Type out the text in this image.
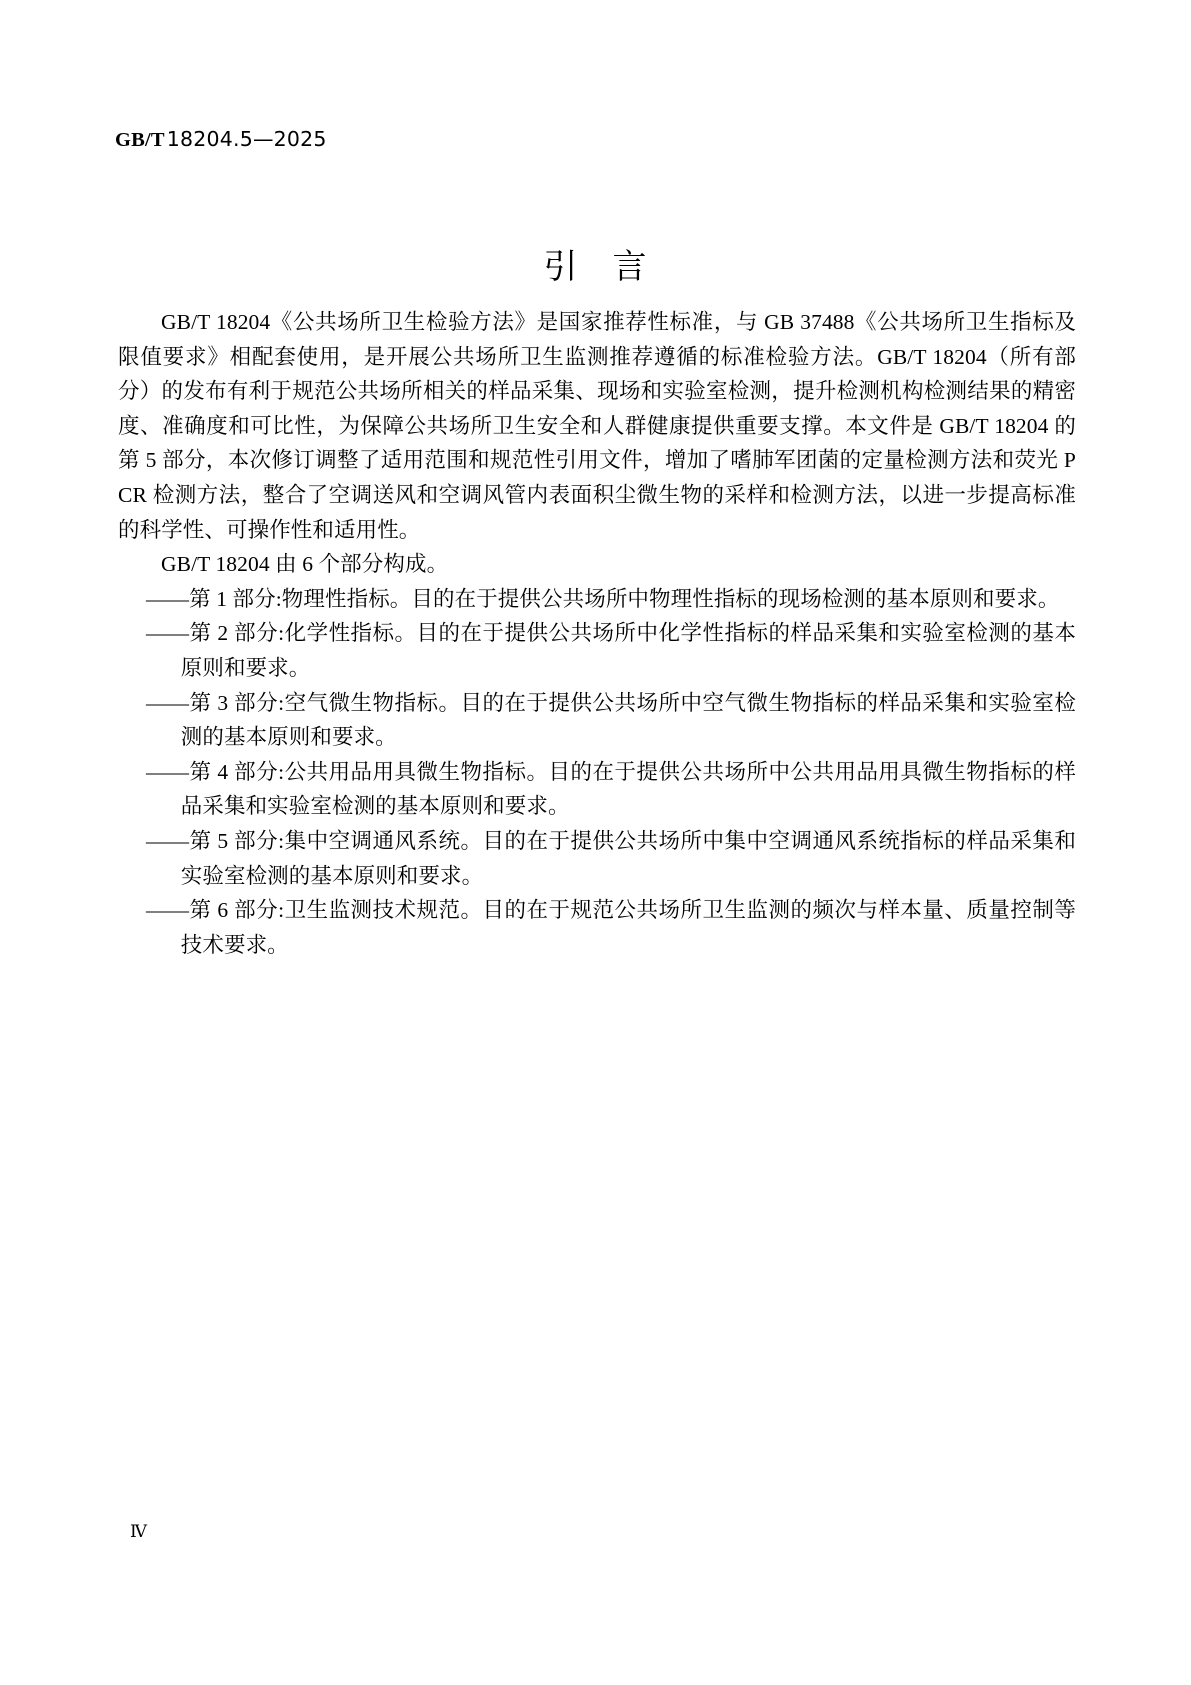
GB/T18204.5—2025
引 言

GB/T 18204《公共场所卫生检验方法》是国家推荐性标准，与 GB 37488《公共场所卫生指标及限值要求》相配套使用，是开展公共场所卫生监测推荐遵循的标准检验方法。GB/T 18204（所有部分）的发布有利于规范公共场所相关的样品采集、现场和实验室检测，提升检测机构检测结果的精密度、准确度和可比性，为保障公共场所卫生安全和人群健康提供重要支撑。本文件是 GB/T 18204 的第 5 部分，本次修订调整了适用范围和规范性引用文件，增加了嗜肺军团菌的定量检测方法和荧光 PCR 检测方法，整合了空调送风和空调风管内表面积尘微生物的采样和检测方法，以进一步提高标准的科学性、可操作性和适用性。

GB/T 18204 由 6 个部分构成。

——第 1 部分:物理性指标。目的在于提供公共场所中物理性指标的现场检测的基本原则和要求。
——第 2 部分:化学性指标。目的在于提供公共场所中化学性指标的样品采集和实验室检测的基本原则和要求。
——第 3 部分:空气微生物指标。目的在于提供公共场所中空气微生物指标的样品采集和实验室检测的基本原则和要求。
——第 4 部分:公共用品用具微生物指标。目的在于提供公共场所中公共用品用具微生物指标的样品采集和实验室检测的基本原则和要求。
——第 5 部分:集中空调通风系统。目的在于提供公共场所中集中空调通风系统指标的样品采集和实验室检测的基本原则和要求。
——第 6 部分:卫生监测技术规范。目的在于规范公共场所卫生监测的频次与样本量、质量控制等技术要求。
Ⅳ
